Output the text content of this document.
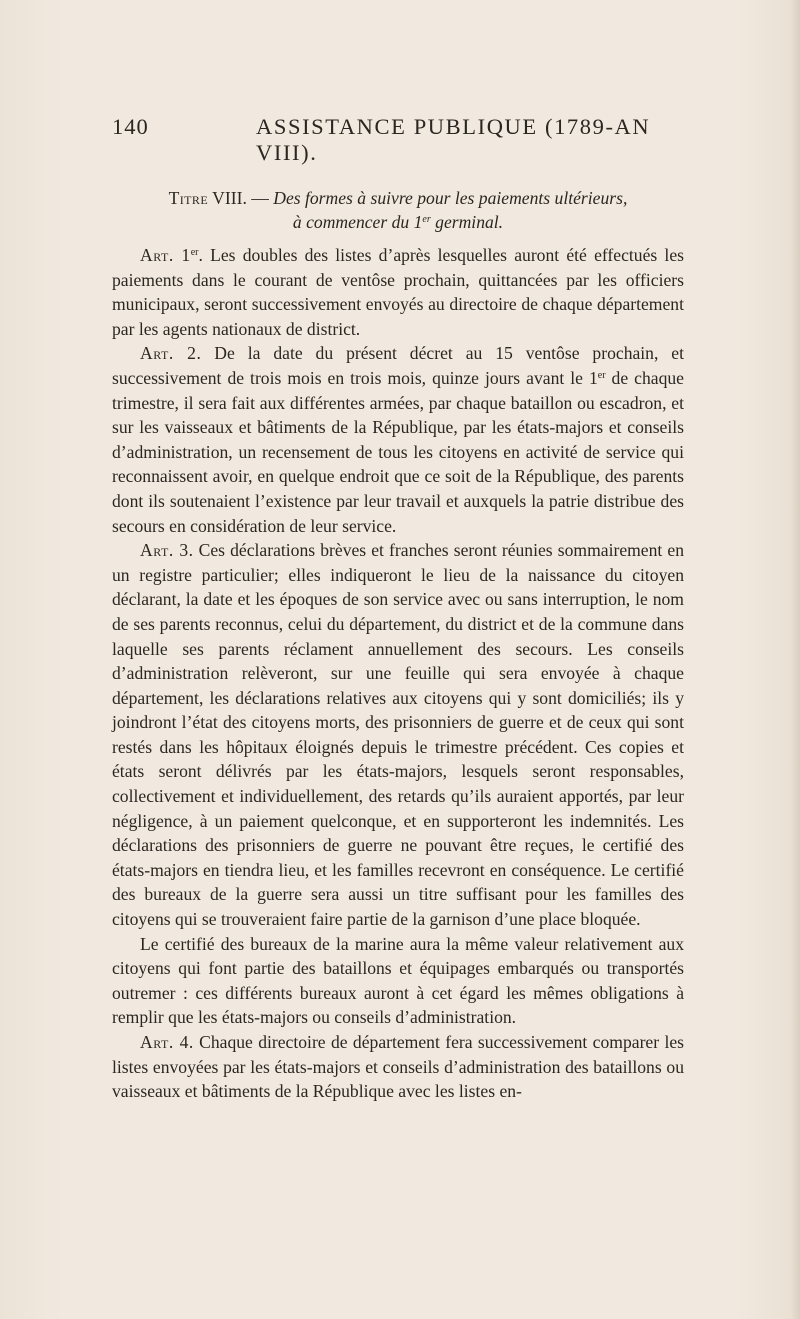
140	ASSISTANCE PUBLIQUE (1789-AN VIII).
Titre VIII. — Des formes à suivre pour les paiements ultérieurs,
à commencer du 1er germinal.

Art. 1er. Les doubles des listes d’après lesquelles auront été effectués les paiements dans le courant de ventôse prochain, quittancées par les officiers municipaux, seront successivement envoyés au directoire de chaque département par les agents nationaux de district.

Art. 2. De la date du présent décret au 15 ventôse prochain, et successivement de trois mois en trois mois, quinze jours avant le 1er de chaque trimestre, il sera fait aux différentes armées, par chaque bataillon ou escadron, et sur les vaisseaux et bâtiments de la République, par les états-majors et conseils d’administration, un recensement de tous les citoyens en activité de service qui reconnaissent avoir, en quelque endroit que ce soit de la République, des parents dont ils soutenaient l’existence par leur travail et auxquels la patrie distribue des secours en considération de leur service.

Art. 3. Ces déclarations brèves et franches seront réunies sommairement en un registre particulier; elles indiqueront le lieu de la naissance du citoyen déclarant, la date et les époques de son service avec ou sans interruption, le nom de ses parents reconnus, celui du département, du district et de la commune dans laquelle ses parents réclament annuellement des secours. Les conseils d’administration relèveront, sur une feuille qui sera envoyée à chaque département, les déclarations relatives aux citoyens qui y sont domiciliés; ils y joindront l’état des citoyens morts, des prisonniers de guerre et de ceux qui sont restés dans les hôpitaux éloignés depuis le trimestre précédent. Ces copies et états seront délivrés par les états-majors, lesquels seront responsables, collectivement et individuellement, des retards qu’ils auraient apportés, par leur négligence, à un paiement quelconque, et en supporteront les indemnités. Les déclarations des prisonniers de guerre ne pouvant être reçues, le certifié des états-majors en tiendra lieu, et les familles recevront en conséquence. Le certifié des bureaux de la guerre sera aussi un titre suffisant pour les familles des citoyens qui se trouveraient faire partie de la garnison d’une place bloquée.

Le certifié des bureaux de la marine aura la même valeur relativement aux citoyens qui font partie des bataillons et équipages embarqués ou transportés outremer : ces différents bureaux auront à cet égard les mêmes obligations à remplir que les états-majors ou conseils d’administration.

Art. 4. Chaque directoire de département fera successivement comparer les listes envoyées par les états-majors et conseils d’administration des bataillons ou vaisseaux et bâtiments de la République avec les listes en-
